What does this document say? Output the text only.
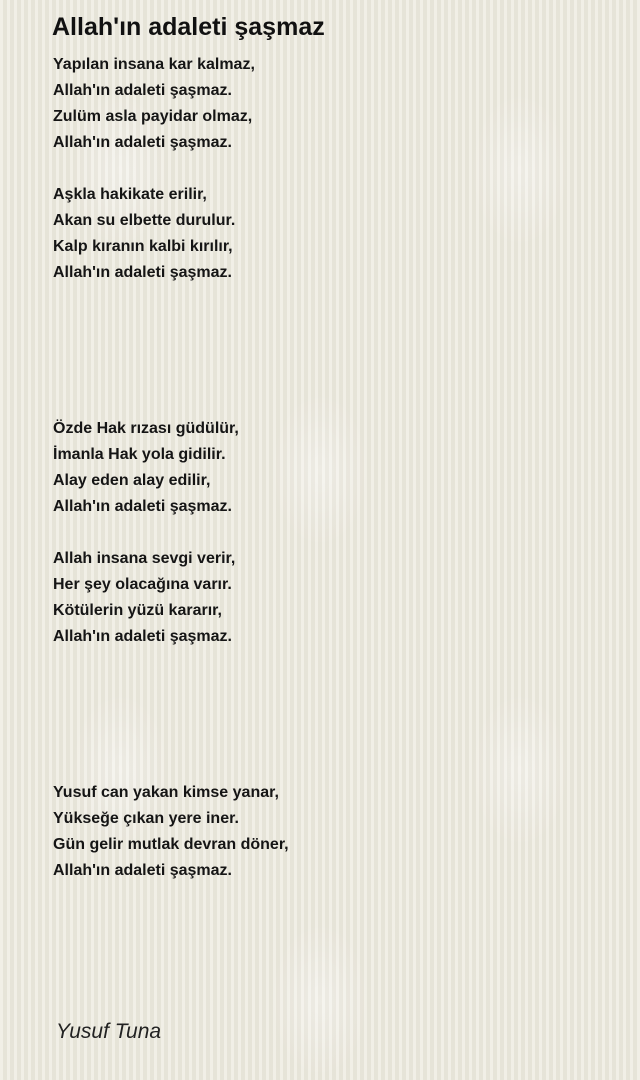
Allah'ın adaleti şaşmaz
Yapılan insana kar kalmaz,
Allah'ın adaleti şaşmaz.
Zulüm asla payidar olmaz,
Allah'ın adaleti şaşmaz.
Aşkla hakikate erilir,
Akan su elbette durulur.
Kalp kıranın kalbi kırılır,
Allah'ın adaleti şaşmaz.
Özde Hak rızası güdülür,
İmanla Hak yola gidilir.
Alay eden alay edilir,
Allah'ın adaleti şaşmaz.
Allah insana sevgi verir,
Her şey olacağına varır.
Kötülerin yüzü kararır,
Allah'ın adaleti şaşmaz.
Yusuf can yakan kimse yanar,
Yükseğe çıkan yere iner.
Gün gelir mutlak devran döner,
Allah'ın adaleti şaşmaz.
Yusuf Tuna
